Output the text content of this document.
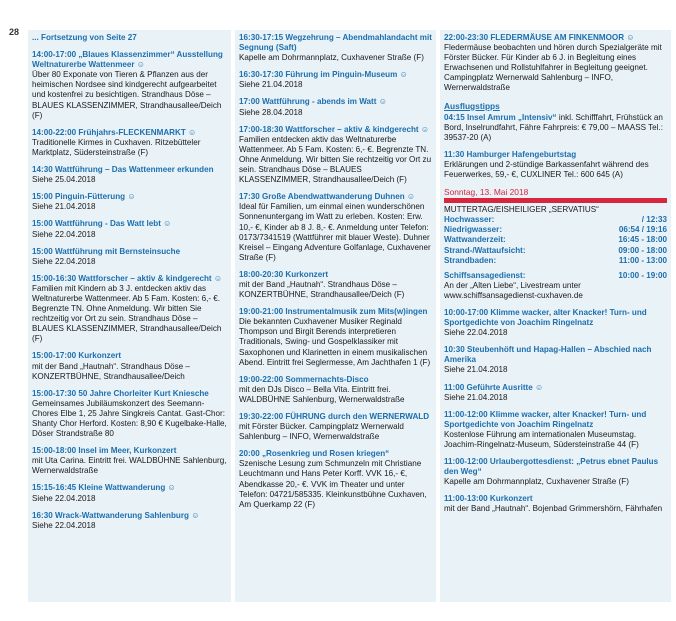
28
... Fortsetzung von Seite 27
14:00-17:00 „Blaues Klassenzimmer“ Ausstellung Weltnaturerbe Wattenmeer ☺
Über 80 Exponate von Tieren & Pflanzen aus der heimischen Nordsee sind kindgerecht aufgearbeitet und kostenfrei zu besichtigen. Strandhaus Döse – BLAUES KLASSENZIMMER, Strandhausallee/Deich (F)
14:00-22:00 Frühjahrs-FLECKENMARKT ☺
Traditionelle Kirmes in Cuxhaven. Ritzebütteler Marktplatz, Südersteinstraße (F)
14:30 Wattführung – Das Wattenmeer erkunden
Siehe 25.04.2018
15:00 Pinguin-Fütterung ☺
Siehe 21.04.2018
15:00 Wattführung - Das Watt lebt ☺
Siehe 22.04.2018
15:00 Wattführung mit Bernsteinsuche
Siehe 22.04.2018
15:00-16:30 Wattforscher – aktiv & kindgerecht ☺
Familien mit Kindern ab 3 J. entdecken aktiv das Weltnaturerbe Wattenmeer. Ab 5 Fam. Kosten: 6,- €. Begrenzte TN. Ohne Anmeldung. Wir bitten Sie rechtzeitig vor Ort zu sein. Strandhaus Döse – BLAUES KLASSENZIMMER, Strandhausallee/Deich (F)
15:00-17:00 Kurkonzert
mit der Band „Hautnah“. Strandhaus Döse – KONZERTBÜHNE, Strandhausallee/Deich
15:00-17:30 50 Jahre Chorleiter Kurt Kniesche
Gemeinsames Jubiläumskonzert des Seemann-Chores Elbe 1, 25 Jahre Singkreis Cantat. Gast-Chor: Shanty Chor Herford. Kosten: 8,90 € Kugelbake-Halle, Döser Strandstraße 80
15:00-18:00 Insel im Meer, Kurkonzert
mit Uta Carina. Eintritt frei. WALDBÜHNE Sahlenburg, Wernerwaldstraße
15:15-16:45 Kleine Wattwanderung ☺
Siehe 22.04.2018
16:30 Wrack-Wattwanderung Sahlenburg ☺
Siehe 22.04.2018
16:30-17:15 Wegzehrung – Abendmahlandacht mit Segnung (Saft)
Kapelle am Dohrmannplatz, Cuxhavener Straße (F)
16:30-17:30 Führung im Pinguin-Museum ☺
Siehe 21.04.2018
17:00 Wattführung - abends im Watt ☺
Siehe 28.04.2018
17:00-18:30 Wattforscher – aktiv & kindgerecht ☺
Familien entdecken aktiv das Weltnaturerbe Wattenmeer. Ab 5 Fam. Kosten: 6,- €. Begrenzte TN. Ohne Anmeldung. Wir bitten Sie rechtzeitig vor Ort zu sein. Strandhaus Döse – BLAUES KLASSENZIMMER, Strandhausallee/Deich (F)
17:30 Große Abendwattwanderung Duhnen ☺
Ideal für Familien, um einmal einen wunderschönen Sonnenuntergang im Watt zu erleben. Kosten: Erw. 10,- €, Kinder ab 8 J. 8,- €. Anmeldung unter Telefon: 0173/7341519 (Wattführer mit blauer Weste). Duhner Kreisel – Eingang Adventure Golfanlage, Cuxhavener Straße (F)
18:00-20:30 Kurkonzert
mit der Band „Hautnah“. Strandhaus Döse – KONZERTBÜHNE, Strandhausallee/Deich (F)
19:00-21:00 Instrumentalmusik zum Mits(w)ingen
Die bekannten Cuxhavener Musiker Reginald Thompson und Birgit Berends interpretieren Traditionals, Swing- und Gospelklassiker mit Saxophonen und Klarinetten in einem musikalischen Abend. Eintritt frei Seglermesse, Am Jachthafen 1 (F)
19:00-22:00 Sommernachts-Disco
mit den DJs Disco – Bella Vita. Eintritt frei. WALDBÜHNE Sahlenburg, Wernerwaldstraße
19:30-22:00 FÜHRUNG durch den WERNERWALD
mit Förster Bücker. Campingplatz Wernerwald Sahlenburg – INFO, Wernerwaldstraße
20:00 „Rosenkrieg und Rosen kriegen“
Szenische Lesung zum Schmunzeln mit Christiane Leuchtmann und Hans Peter Korff. VVK 16,- €, Abendkasse 20,- €. VVK im Theater und unter Telefon: 04721/585335. Kleinkunstbühne Cuxhaven, Am Querkamp 22 (F)
22:00-23:30 FLEDERMÄUSE AM FINKENMOOR ☺
Fledermäuse beobachten und hören durch Spezialgeräte mit Förster Bücker. Für Kinder ab 6 J. in Begleitung eines Erwachsenen und Rollstuhlfahrer in Begleitung geeignet. Campingplatz Wernerwald Sahlenburg – INFO, Wernerwaldstraße
Ausflugstipps
04:15 Insel Amrum „Intensiv“ inkl. Schifffahrt, Frühstück an Bord, Inselrundfahrt, Fähre Fahrpreis: € 79,00 – MAASS Tel.: 39537-20 (A)
11:30 Hamburger Hafengeburtstag
Erklärungen und 2-stündige Barkassenfahrt während des Feuerwerkes, 59,- €, CUXLINER Tel.: 600 645 (A)
Sonntag, 13. Mai 2018
MUTTERTAG/EISHEILIGER „SERVATIUS“
Hochwasser:	/ 12:33
Niedrigwasser:	06:54 / 19:16
Wattwanderzeit:	16:45 - 18:00
Strand-/Wattaufsicht:	09:00 - 18:00
Strandbaden:	11:00 - 13:00
Schiffsansagedienst:	10:00 - 19:00
An der „Alten Liebe“, Livestream unter www.schiffsansagedienst-cuxhaven.de
10:00-17:00 Klimme wacker, alter Knacker! Turn- und Sportgedichte von Joachim Ringelnatz
Siehe 22.04.2018
10:30 Steubenhöft und Hapag-Hallen – Abschied nach Amerika
Siehe 21.04.2018
11:00 Geführte Ausritte ☺
Siehe 21.04.2018
11:00-12:00 Klimme wacker, alter Knacker! Turn- und Sportgedichte von Joachim Ringelnatz
Kostenlose Führung am internationalen Museumstag. Joachim-Ringelnatz-Museum, Südersteinstraße 44 (F)
11:00-12:00 Urlaubergottesdienst: „Petrus ebnet Paulus den Weg“
Kapelle am Dohrmannplatz, Cuxhavener Straße (F)
11:00-13:00 Kurkonzert
mit der Band „Hautnah“. Bojenbad Grimmershörn, Fährhafen
